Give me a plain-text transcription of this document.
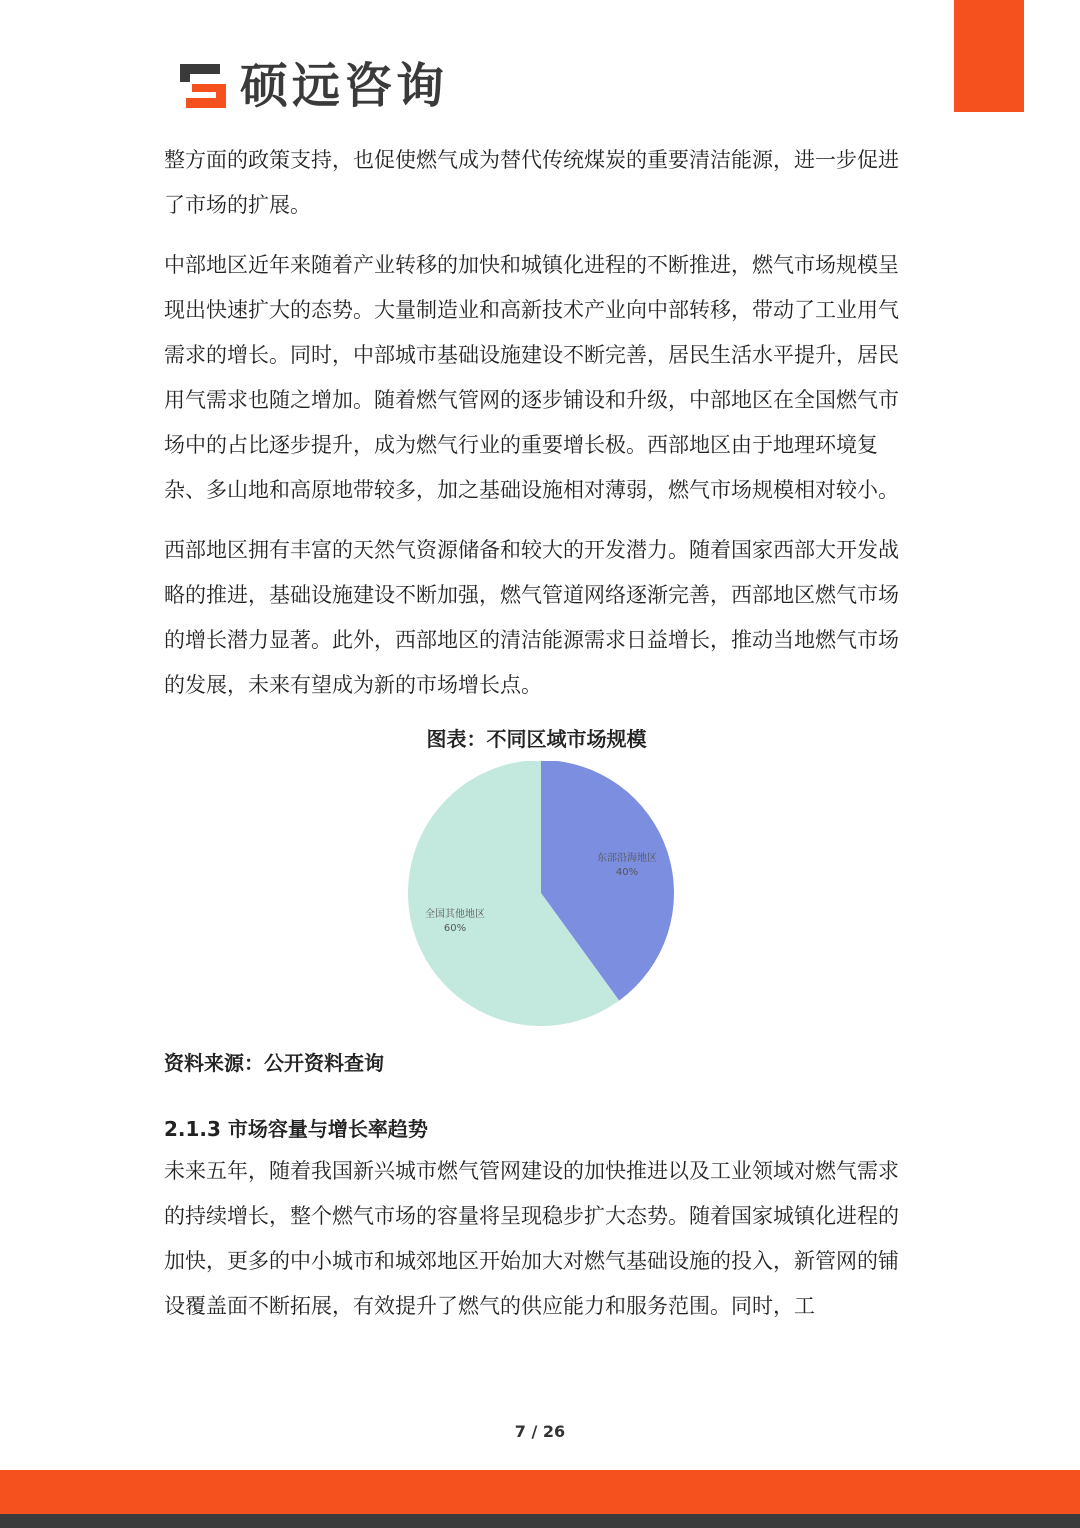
硕远咨询

整方面的政策支持，也促使燃气成为替代传统煤炭的重要清洁能源，进一步促进了市场的扩展。

中部地区近年来随着产业转移的加快和城镇化进程的不断推进，燃气市场规模呈现出快速扩大的态势。大量制造业和高新技术产业向中部转移，带动了工业用气需求的增长。同时，中部城市基础设施建设不断完善，居民生活水平提升，居民用气需求也随之增加。随着燃气管网的逐步铺设和升级，中部地区在全国燃气市场中的占比逐步提升，成为燃气行业的重要增长极。西部地区由于地理环境复杂、多山地和高原地带较多，加之基础设施相对薄弱，燃气市场规模相对较小。

西部地区拥有丰富的天然气资源储备和较大的开发潜力。随着国家西部大开发战略的推进，基础设施建设不断加强，燃气管道网络逐渐完善，西部地区燃气市场的增长潜力显著。此外，西部地区的清洁能源需求日益增长，推动当地燃气市场的发展，未来有望成为新的市场增长点。

图表：不同区域市场规模
东部沿海地区
40%
全国其他地区
60%
资料来源：公开资料查询
2.1.3 市场容量与增长率趋势

未来五年，随着我国新兴城市燃气管网建设的加快推进以及工业领域对燃气需求的持续增长，整个燃气市场的容量将呈现稳步扩大态势。随着国家城镇化进程的加快，更多的中小城市和城郊地区开始加大对燃气基础设施的投入，新管网的铺设覆盖面不断拓展，有效提升了燃气的供应能力和服务范围。同时，工

7 / 26
